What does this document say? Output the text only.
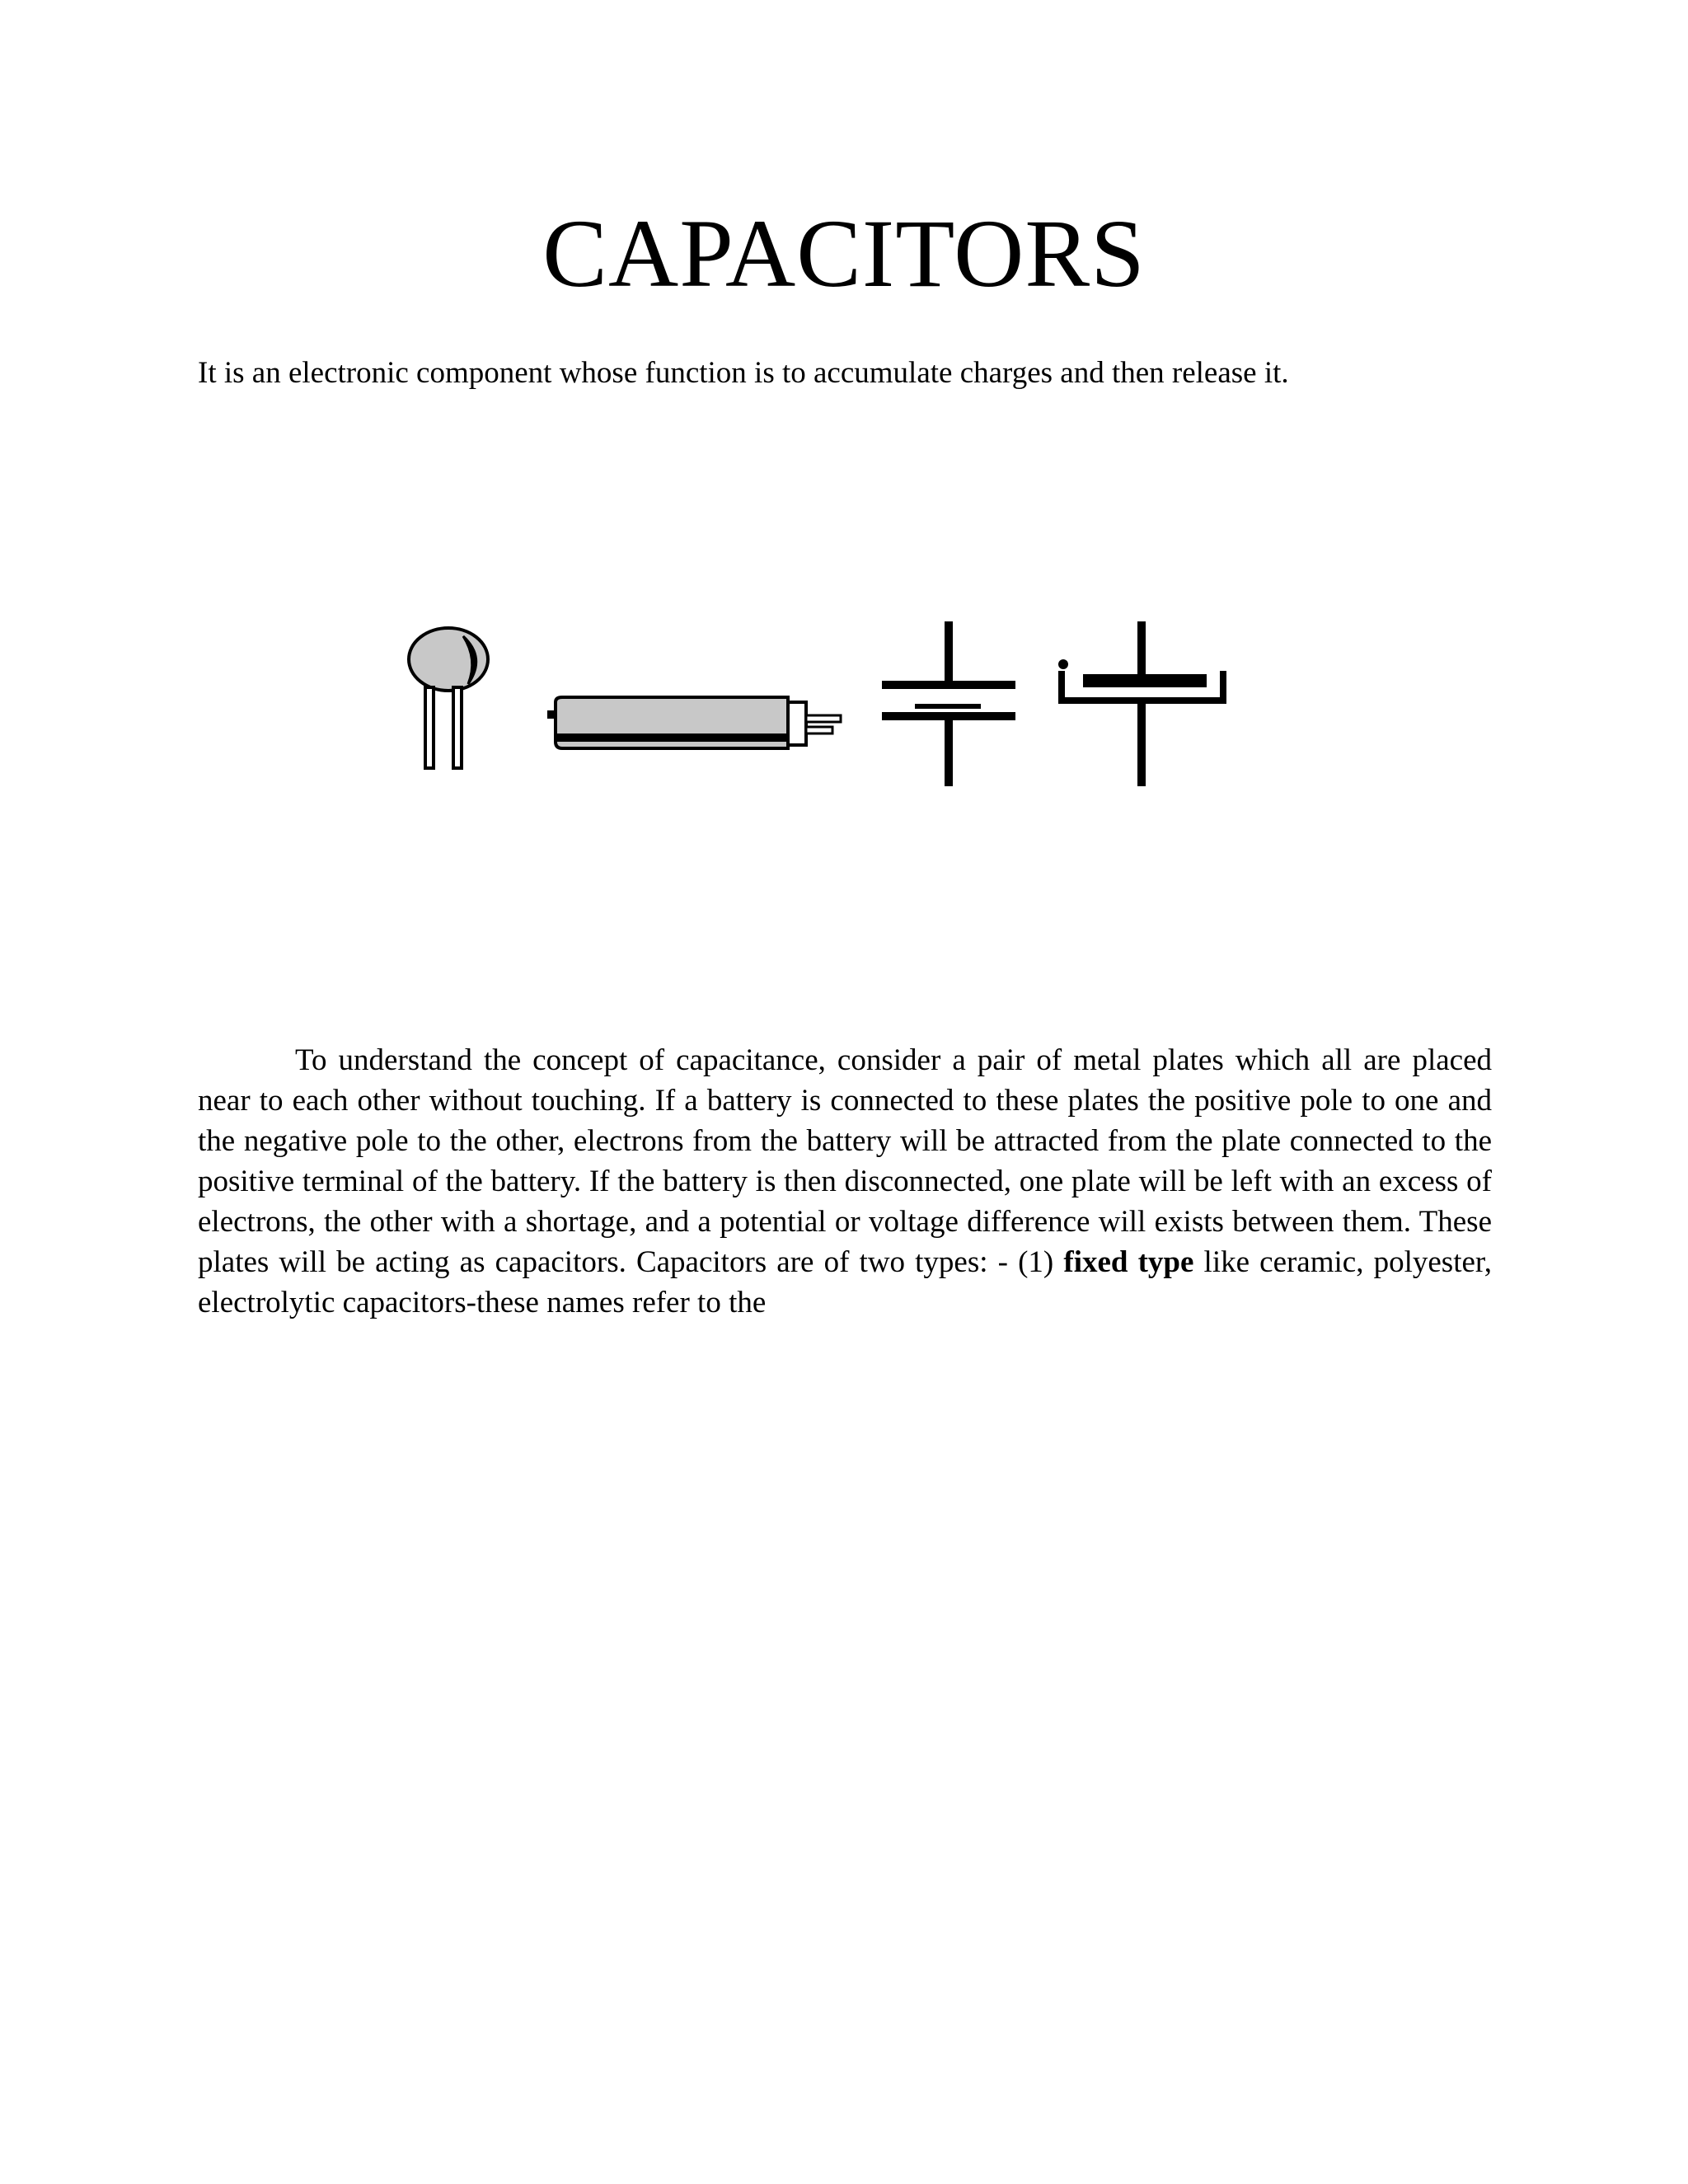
CAPACITORS

It is an electronic component whose function is to accumulate charges and then release it.

To understand the concept of capacitance, consider a pair of metal plates which all are placed near to each other without touching. If a battery is connected to these plates the positive pole to one and the negative pole to the other, electrons from the battery will be attracted from the plate connected to the positive terminal of the battery. If the battery is then disconnected, one plate will be left with an excess of electrons, the other with a shortage, and a potential or voltage difference will exists between them. These plates will be acting as capacitors. Capacitors are of two types: - (1) fixed type like ceramic, polyester, electrolytic capacitors-these names refer to the
